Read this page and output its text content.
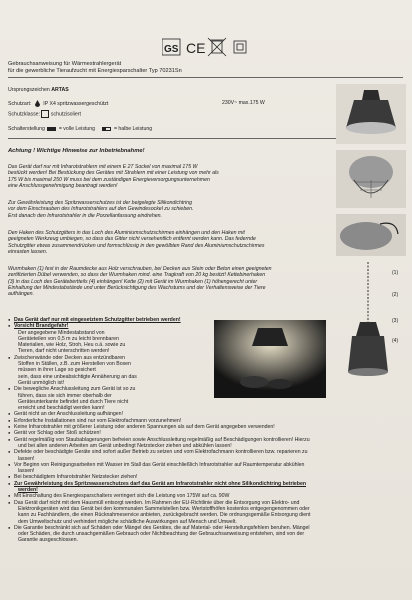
GS CE
Gebrauchsanweisung für Wärmestrahlergerät
für die gewerbliche Tieraufzucht mit Energiesparschalter Typ 70231Sn
Ursprungszeichen ARTAS
Schutzart: IP X4 spritzwassergeschützt	230V~ max.175 W
Schutzklasse: schutzisoliert
Schalterstellung	= volle Leistung	= halbe Leistung
Achtung ! Wichtige Hinweise zur Inbetriebnahme!
Das Gerät darf nur mit Infrarotstrahlern mit einem E 27 Sockel von maximal 175 W
bestückt werden! Bei Bestückung des Gerätes mit Strahlern mit einer Leistung von mehr als
175 W bis maximal 250 W muss bei dem zuständigen Energieversorgungsunternehmen
eine Anschlussgenehmigung beantragt werden!
Zur Gewährleistung des Spritzwasserschutzes ist der beigelegte Silikondichtring
vor dem Einschrauben des Infrarotstrahlers auf den Gewindesockel zu schieben.
Erst danach den Infrarotstrahler in die Porzellanfassung eindrehen.
Den Haken des Schutzgitters in das Loch des Aluminiumschutzschirmes einhängen und den Haken mit
geeigneten Werkzeug umbiegen, so dass das Gitter nicht versehentlich entfernt werden kann. Das federnde
Schutzgitter etwas zusammendrücken und formschlüssig in den gewölbten Rand des Aluminiumschutzschirmes
einrasten lassen.
Wurmhaken (1) fest in der Raumdecke aus Holz verschrauben, bei Decken aus Stein oder Beton einen geeigneten
zertifizierten Dübel verwenden, so dass der Wurmhaken mind. eine Tragkraft von 20 kg besitzt! Kettebinerhaken
(3) in das Loch des Gerätebertteils (4) einhängen! Kette (2) mit Gerät im Wurmhaken (1) höhengerecht unter
Einhaltung der Mindestabstände und unter Berücksichtigung des Wachstums und der Verhaltensweise der Tiere
aufhängen.
(1)
(2)
(3)
(4)
● Das Gerät darf nur mit eingesetztem Schutzgitter betrieben werden!
● Vorsicht Brandgefahr!
Der angegebene Mindestabstand von
Geräteteilen von 0,5 m zu leicht brennbaren
Materialien, wie Holz, Stroh, Heu o.ä. sowie zu
Tieren, darf nicht unterschritten werden!
● Zwischenwände oder Decken aus entzündbaren
Stoffen in Ställen, z.B. zum Herstellen von Boxen
müssen in ihrer Lage so gesichert
sein, dass eine unbeabsichtigte Annäherung an das
Gerät unmöglich ist!
● Die bewegliche Anschlussleitung zum Gerät ist so zu
führen, dass sie sich immer oberhalb der
Geräteunterkante befindet und durch Tiere nicht
erreicht und beschädigt werden kann!
● Gerät nicht an der Anschlussleitung aufhängen!
● Erforderliche Installationen sind nur vom Elektrofachmann vorzunehmen!
● Keine Infrarotstrahler mit größerer Leistung oder anderen Spannungen als auf dem Gerät angegeben verwenden!
● Gerät vor Schlag oder Stoß schützen!
● Gerät regelmäßig von Staubablagerungen befreien sowie Anschlussleitung regelmäßig auf Beschädigungen kontrollieren! Hierzu
und bei allen anderen Arbeiten am Gerät unbedingt Netzstecker ziehen und abkühlen lassen!
● Defekte oder beschädigte Geräte sind sofort außer Betrieb zu setzen und vom Elektrofachmann kontrollieren bzw. reparieren zu
lassen!
● Vor Beginn von Reinigungsarbeiten mit Wasser im Stall das Gerät einschließlich Infrarotstrahler auf Raumtemperatur abkühlen
lassen!
● Bei beschädigtem Infrarotstrahler Netzstecker ziehen!
● Zur Gewährleistung des Spritzwasserschutzes darf das Gerät am Infrarotstrahler nicht ohne Silikondichtring betrieben
werden!
● Mit Einschaltung des Energiesparschalters verringert sich die Leistung von 175W auf ca. 90W
● Das Gerät darf nicht mit dem Hausmüll entsorgt werden. Im Rahmen der EU-Richtlinie über die Entsorgung von Elektro- und
Elektronikgeräten wird das Gerät bei den kommunalen Sammelstellen bzw. Wertstoffhöfen kostenlos entgegengenommen oder
kann zu Fachhändlern, die einen Rücknahmeservice anbieten, zurückgebracht werden. Die ordnungsgemäße Entsorgung dient
dem Umweltschutz und verhindert mögliche schädliche Auswirkungen auf Mensch und Umwelt.
● Die Garantie beschränkt sich auf Schäden oder Mängel des Gerätes, die auf Material- oder Herstellungsfehlern beruhen. Mängel
oder Schäden, die durch unsachgemäßen Gebrauch oder Nichtbeachtung der Gebrauchsanweisung entstehen, sind von der
Garantie ausgeschlossen.
